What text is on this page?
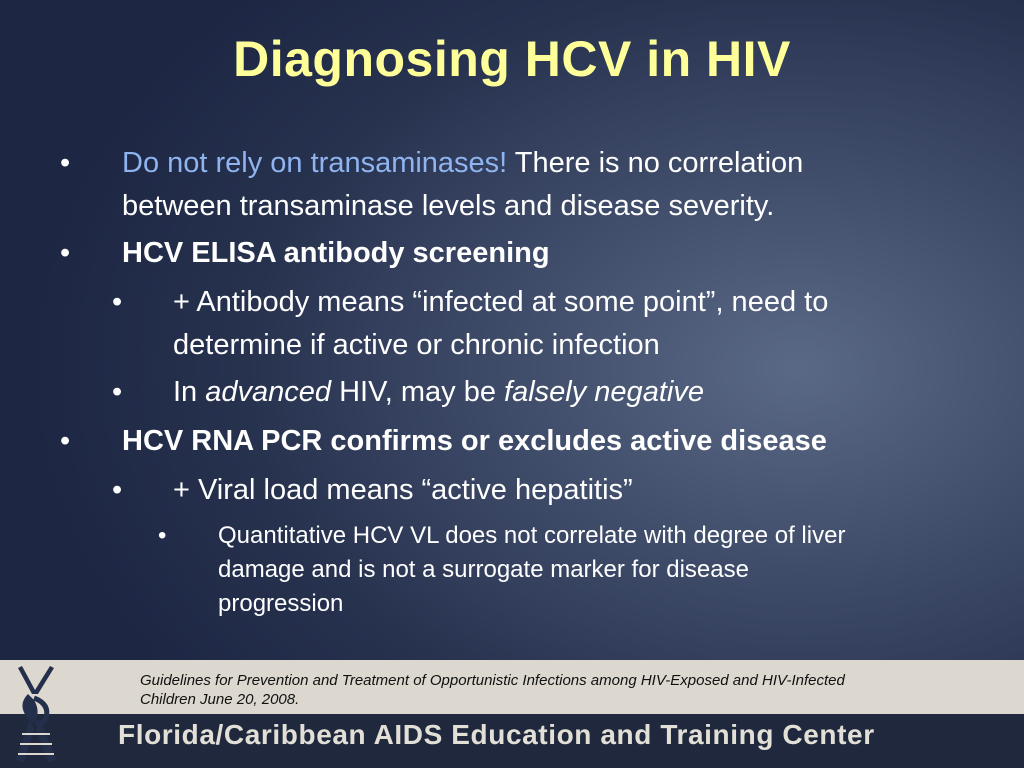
Diagnosing HCV in HIV
• Do not rely on transaminases! There is no correlation
between transaminase levels and disease severity.
• HCV ELISA antibody screening
• + Antibody means “infected at some point”, need to
determine if active or chronic infection
• In advanced HIV, may be falsely negative
• HCV RNA PCR confirms or excludes active disease
• + Viral load means “active hepatitis”
• Quantitative HCV VL does not correlate with degree of liver
damage and is not a surrogate marker for disease
progression
Guidelines for Prevention and Treatment of Opportunistic Infections among HIV-Exposed and HIV-Infected
Children June 20, 2008.
Florida/Caribbean AIDS Education and Training Center
